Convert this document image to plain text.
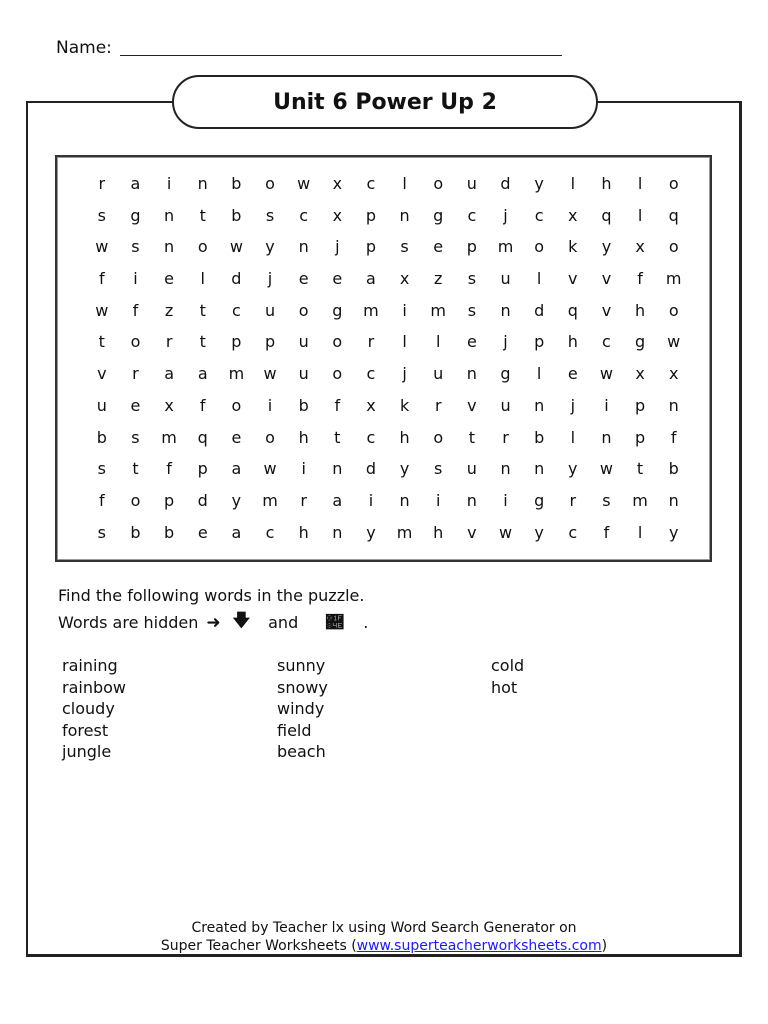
Name:
Unit 6 Power Up 2
r	a	i	n	b	o	w	x	c	l	o	u	d	y	l	h	l	o
s	g	n	t	b	s	c	x	p	n	g	c	j	c	x	q	l	q
w	s	n	o	w	y	n	j	p	s	e	p	m	o	k	y	x	o
f	i	e	l	d	j	e	e	a	x	z	s	u	l	v	v	f	m
w	f	z	t	c	u	o	g	m	i	m	s	n	d	q	v	h	o
t	o	r	t	p	p	u	o	r	l	l	e	j	p	h	c	g	w
v	r	a	a	m	w	u	o	c	j	u	n	g	l	e	w	x	x
u	e	x	f	o	i	b	f	x	k	r	v	u	n	j	i	p	n
b	s	m	q	e	o	h	t	c	h	o	t	r	b	l	n	p	f
s	t	f	p	a	w	i	n	d	y	s	u	n	n	y	w	t	b
f	o	p	d	y	m	r	a	i	n	i	n	i	g	r	s	m	n
s	b	b	e	a	c	h	n	y	m	h	v	w	y	c	f	l	y
Find the following words in the puzzle.
Words are hidden ➜ 🡇 and 🡎 .
raining
rainbow
cloudy
forest
jungle
sunny
snowy
windy
field
beach
cold
hot
Created by Teacher lx using Word Search Generator on
Super Teacher Worksheets (www.superteacherworksheets.com)
